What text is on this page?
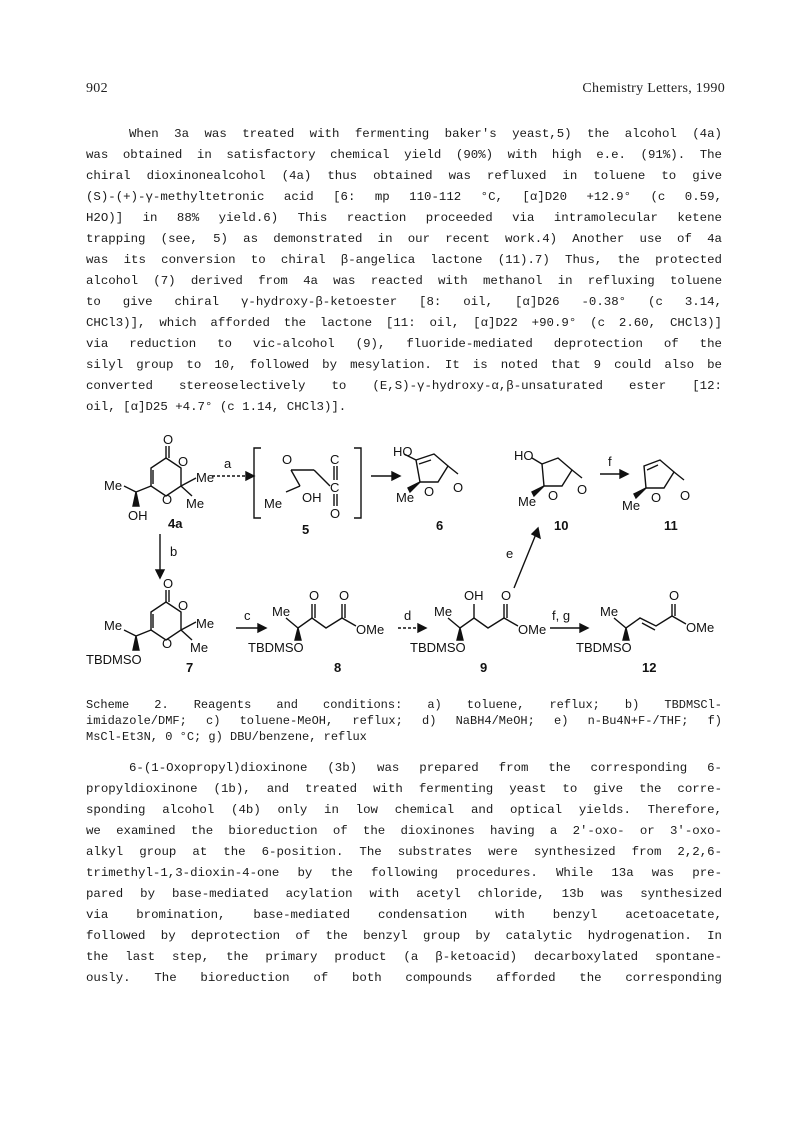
902	Chemistry Letters, 1990
When 3a was treated with fermenting baker's yeast,5) the alcohol (4a)
was obtained in satisfactory chemical yield (90%) with high e.e. (91%). The
chiral dioxinonealcohol (4a) thus obtained was refluxed in toluene to give
(S)-(+)-γ-methyltetronic acid [6: mp 110-112 °C, [α]D20 +12.9° (c 0.59,
H2O)] in 88% yield.6) This reaction proceeded via intramolecular ketene
trapping (see, 5) as demonstrated in our recent work.4) Another use of 4a
was its conversion to chiral β-angelica lactone (11).7) Thus, the protected
alcohol (7) derived from 4a was reacted with methanol in refluxing toluene
to give chiral γ-hydroxy-β-ketoester [8: oil, [α]D26 -0.38° (c 3.14,
CHCl3)], which afforded the lactone [11: oil, [α]D22 +90.9° (c 2.60, CHCl3)]
via reduction to vic-alcohol (9), fluoride-mediated deprotection of the
silyl group to 10, followed by mesylation. It is noted that 9 could also be
converted stereoselectively to (E,S)-γ-hydroxy-α,β-unsaturated ester [12:
oil, [α]D25 +4.7° (c 1.14, CHCl3)].
O
O
O
Me
Me
Me
OH
4a
a	O	C
C
O
Me OH
5
HO
O
O
Me
6
HO
O
O
Me
10
f
O
O
Me
11
b	e
O
O
O
Me
Me
Me
TBDMSO
7
c Me
O O
OMe
TBDMSO
8
d Me
OH O
OMe
TBDMSO
9
f, g Me
O
OMe
TBDMSO
12
Scheme 2. Reagents and conditions: a) toluene, reflux; b) TBDMSCl-
imidazole/DMF; c) toluene-MeOH, reflux; d) NaBH4/MeOH; e) n-Bu4N+F-/THF; f)
MsCl-Et3N, 0 °C; g) DBU/benzene, reflux
6-(1-Oxopropyl)dioxinone (3b) was prepared from the corresponding 6-
propyldioxinone (1b), and treated with fermenting yeast to give the corre-
sponding alcohol (4b) only in low chemical and optical yields. Therefore,
we examined the bioreduction of the dioxinones having a 2'-oxo- or 3'-oxo-
alkyl group at the 6-position. The substrates were synthesized from 2,2,6-
trimethyl-1,3-dioxin-4-one by the following procedures. While 13a was pre-
pared by base-mediated acylation with acetyl chloride, 13b was synthesized
via bromination, base-mediated condensation with benzyl acetoacetate,
followed by deprotection of the benzyl group by catalytic hydrogenation. In
the last step, the primary product (a β-ketoacid) decarboxylated spontane-
ously. The bioreduction of both compounds afforded the corresponding
